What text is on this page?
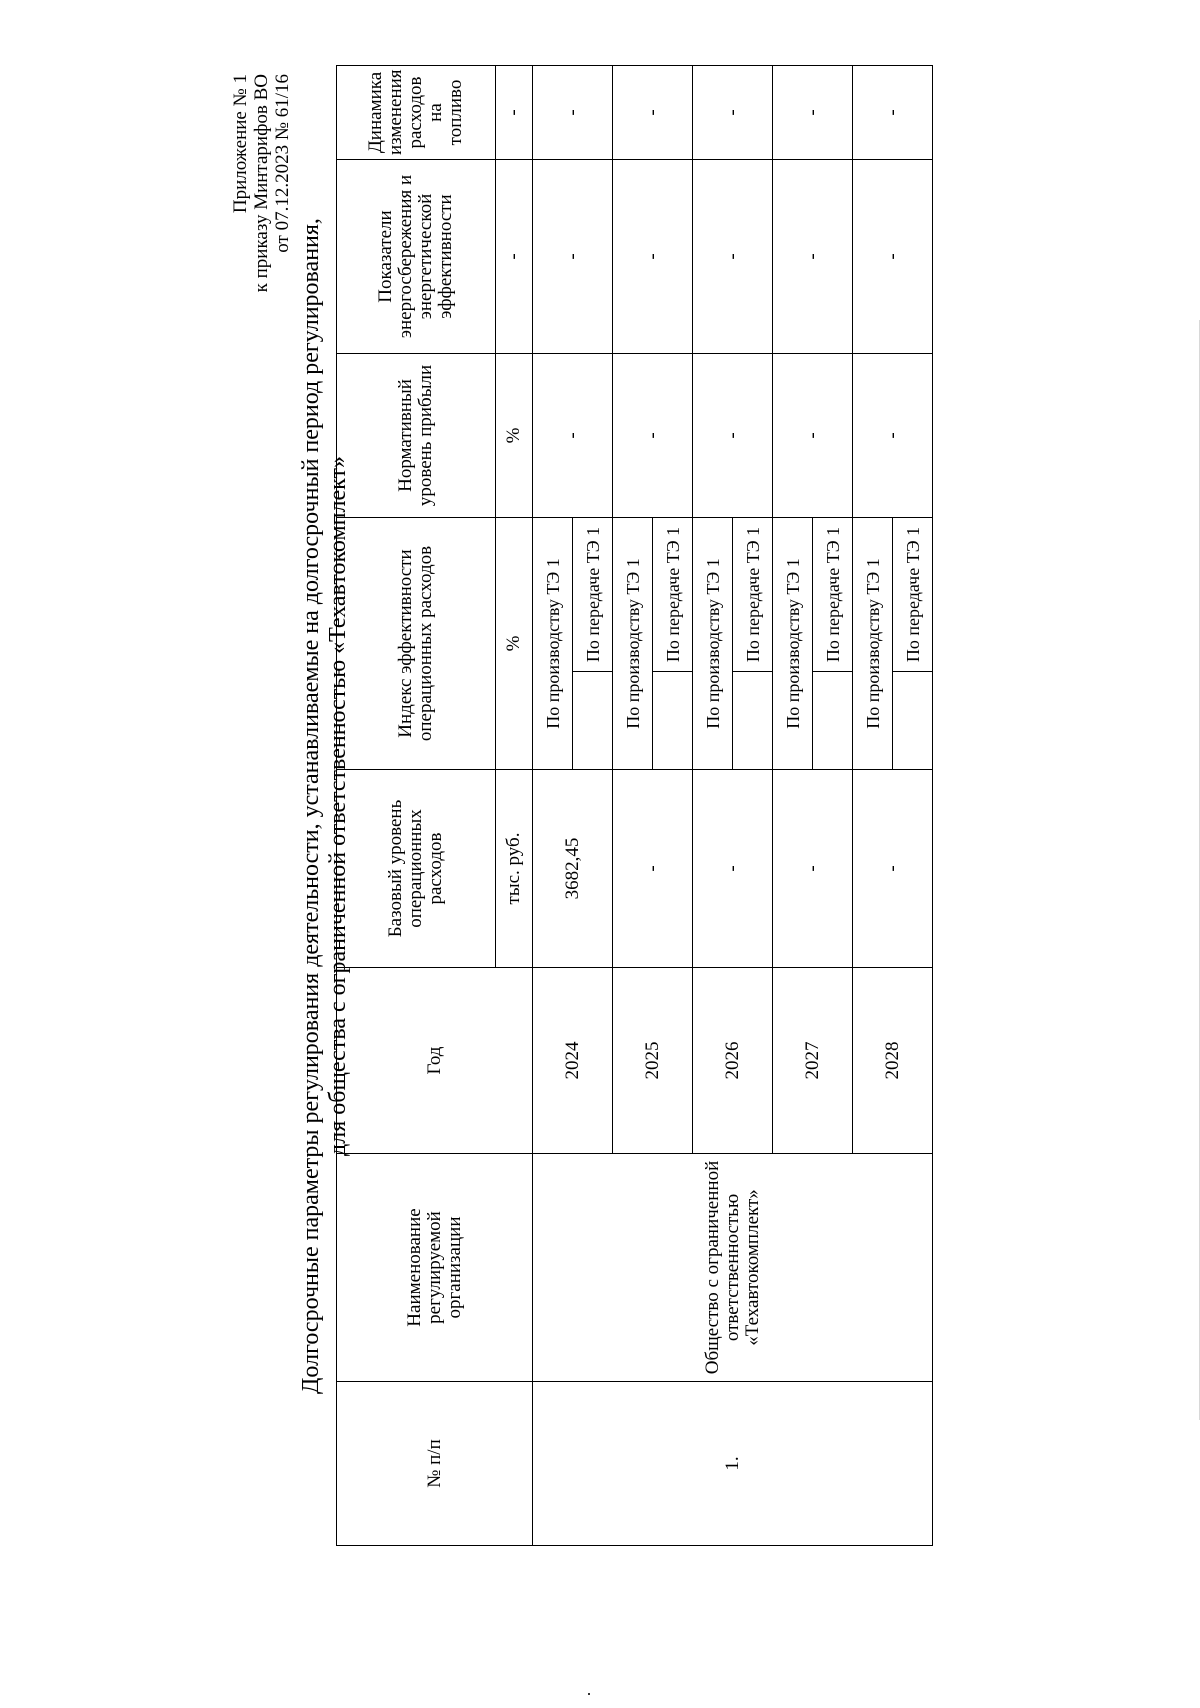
Приложение № 1 к приказу Минтарифов ВО от 07.12.2023 № 61/16
Долгосрочные параметры регулирования деятельности, устанавливаемые на долгосрочный период регулирования, для общества с ограниченной ответственностью «Техавтокомплект»
№ п/п	Наименование регулируемой организации	Год	Базовый уровень операционных расходов	Индекс эффективности операционных расходов		Нормативный уровень прибыли	Показатели энергосбережения и энергетической эффективности	Динамика изменения расходов на топливо
			тыс. руб.	%		%	-	-
1.	Общество с ограниченной ответственностью «Техавтокомплект»	2024	3682,45	По производству ТЭ 1		-	-	-
					По передаче ТЭ 1			
		2025	-	По производству ТЭ 1		-	-	-
					По передаче ТЭ 1			
		2026	-	По производству ТЭ 1		-	-	-
					По передаче ТЭ 1			
		2027	-	По производству ТЭ 1		-	-	-
					По передаче ТЭ 1			
		2028	-	По производству ТЭ 1		-	-	-
					По передаче ТЭ 1			
